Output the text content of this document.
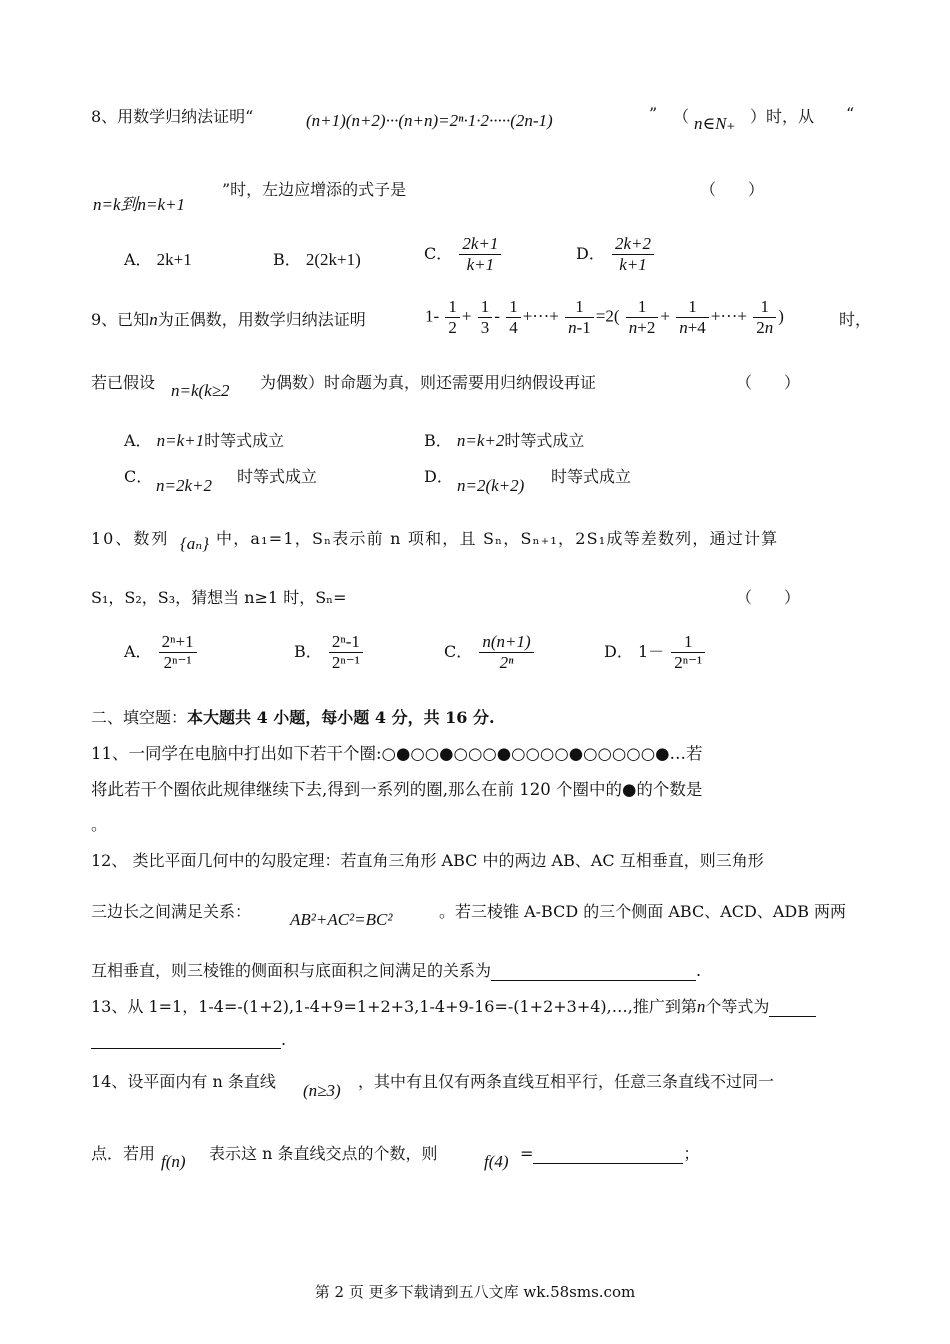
8、用数学归纳法证明“	(n+1)(n+2)···(n+n)=2ⁿ·1·2·····(2n-1)	” （ n∈N₊ ）时，从 “
n=k到n=k+1
”时，左边应增添的式子是	（　　）
A． 2k+1	B． 2(2k+1)	C． $\frac{2k+1}{k+1}$	D． $\frac{2k+2}{k+1}$
9、已知n为正偶数，用数学归纳法证明	$1- \frac{1}{2} + \frac{1}{3} - \frac{1}{4}$ +···+ $\frac{1}{n-1} =2( \frac{1}{n+2} + \frac{1}{n+4}$ +···+ $\frac{1}{2n}$ )	时，
若已假设 n=k(k≥2 为偶数）时命题为真，则还需要用归纳假设再证	（　　）
A． n=k+1时等式成立	B． n=k+2时等式成立
C． n=2k+2 时等式成立	D． n=2(k+2) 时等式成立
10、数列 {aₙ} 中，a₁=1，Sₙ表示前 n 项和，且 Sₙ，Sₙ₊₁，2S₁成等差数列，通过计算
S₁，S₂，S₃，猜想当 n≥1 时，Sₙ=	（　　）
A． $\frac{\text{2ⁿ+1}}{\text{2ⁿ⁻¹}}$	B． $\frac{\text{2ⁿ-1}}{\text{2ⁿ⁻¹}}$	C． $\frac{n(n+1)}{\text{2ⁿ}}$	D． $1- \frac{1}{\text{2ⁿ⁻¹}}$
二、填空题：本大题共 4 小题，每小题 4 分，共 16 分.
11、一同学在电脑中打出如下若干个圈:○●○○●○○○●○○○○●○○○○○●…若
将此若干个圈依此规律继续下去,得到一系列的圈,那么在前 120 个圈中的●的个数是
。
12、 类比平面几何中的勾股定理：若直角三角形 ABC 中的两边 AB、AC 互相垂直，则三角形
三边长之间满足关系： AB²+AC²=BC²	。若三棱锥 A-BCD 的三个侧面 ABC、ACD、ADB 两两
互相垂直，则三棱锥的侧面积与底面积之间满足的关系为	.
13、从 1=1，1-4=-(1+2),1-4+9=1+2+3,1-4+9-16=-(1+2+3+4),…,推广到第n个等式为
.
14、设平面内有 n 条直线 (n≥3) ，其中有且仅有两条直线互相平行，任意三条直线不过同一
点．若用 f(n) 表示这 n 条直线交点的个数，则	f(4) =	；
第 2 页 更多下载请到五八文库 wk.58sms.com
